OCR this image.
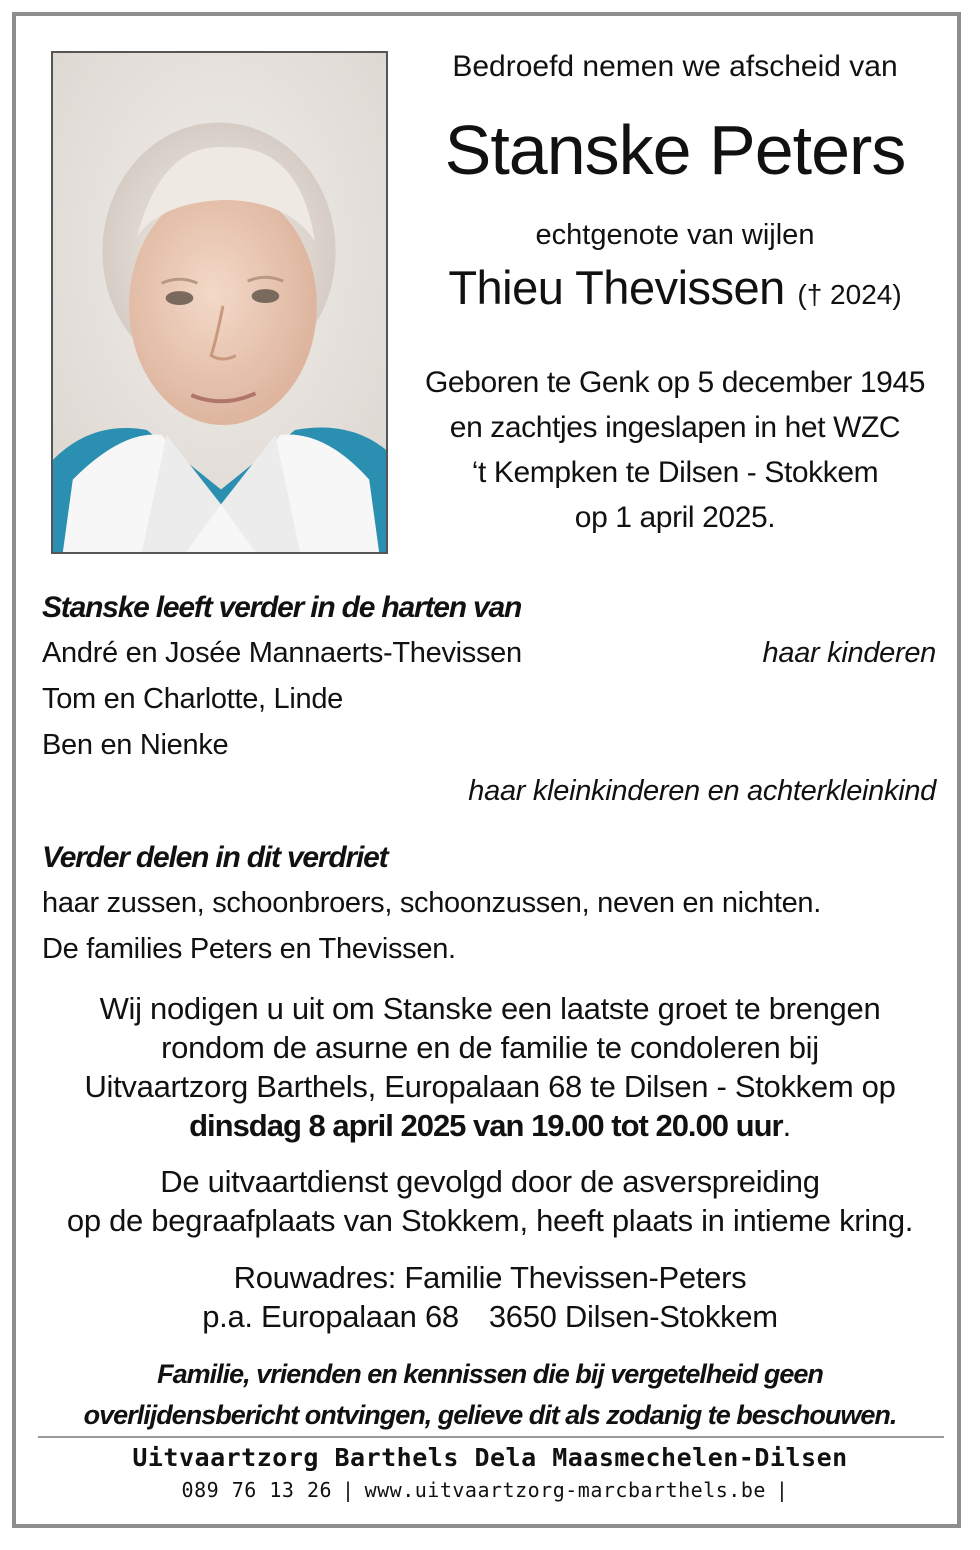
Bedroefd nemen we afscheid van
Stanske Peters
echtgenote van wijlen
Thieu Thevissen († 2024)
Geboren te Genk op 5 december 1945
en zachtjes ingeslapen in het WZC
‘t Kempken te Dilsen - Stokkem
op 1 april 2025.
Stanske leeft verder in de harten van
André en Josée Mannaerts-Thevissen	haar kinderen
Tom en Charlotte, Linde
Ben en Nienke
haar kleinkinderen en achterkleinkind
Verder delen in dit verdriet
haar zussen, schoonbroers, schoonzussen, neven en nichten.
De families Peters en Thevissen.
Wij nodigen u uit om Stanske een laatste groet te brengen
rondom de asurne en de familie te condoleren bij
Uitvaartzorg Barthels, Europalaan 68 te Dilsen - Stokkem op
dinsdag 8 april 2025 van 19.00 tot 20.00 uur.
De uitvaartdienst gevolgd door de asverspreiding
op de begraafplaats van Stokkem, heeft plaats in intieme kring.
Rouwadres: Familie Thevissen-Peters
p.a. Europalaan 68 3650 Dilsen-Stokkem
Familie, vrienden en kennissen die bij vergetelheid geen
overlijdensbericht ontvingen, gelieve dit als zodanig te beschouwen.
Uitvaartzorg Barthels Dela Maasmechelen-Dilsen
089 76 13 26 | www.uitvaartzorg-marcbarthels.be |
